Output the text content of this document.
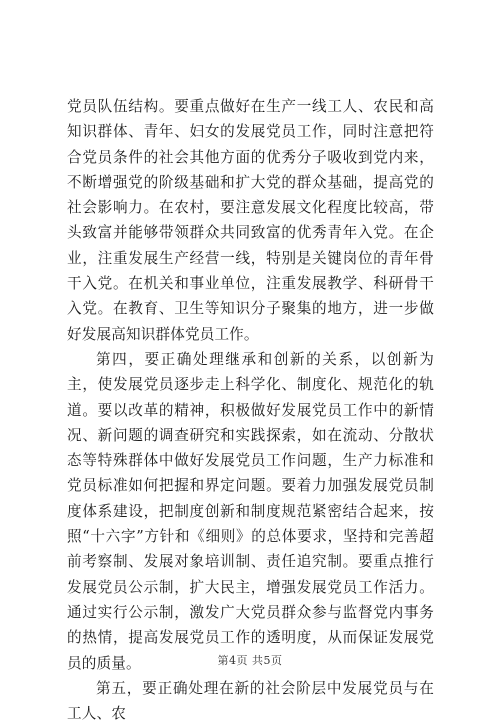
党员队伍结构。要重点做好在生产一线工人、农民和高知识群体、青年、妇女的发展党员工作，同时注意把符合党员条件的社会其他方面的优秀分子吸收到党内来，不断增强党的阶级基础和扩大党的群众基础，提高党的社会影响力。在农村，要注意发展文化程度比较高，带头致富并能够带领群众共同致富的优秀青年入党。在企业，注重发展生产经营一线，特别是关键岗位的青年骨干入党。在机关和事业单位，注重发展教学、科研骨干入党。在教育、卫生等知识分子聚集的地方，进一步做好发展高知识群体党员工作。

第四，要正确处理继承和创新的关系，以创新为主，使发展党员逐步走上科学化、制度化、规范化的轨道。要以改革的精神，积极做好发展党员工作中的新情况、新问题的调查研究和实践探索，如在流动、分散状态等特殊群体中做好发展党员工作问题，生产力标准和党员标准如何把握和界定问题。要着力加强发展党员制度体系建设，把制度创新和制度规范紧密结合起来，按照“十六字”方针和《细则》的总体要求，坚持和完善超前考察制、发展对象培训制、责任追究制。要重点推行发展党员公示制，扩大民主，增强发展党员工作活力。通过实行公示制，激发广大党员群众参与监督党内事务的热情，提高发展党员工作的透明度，从而保证发展党员的质量。

第五，要正确处理在新的社会阶层中发展党员与在工人、农

第4页 共5页
